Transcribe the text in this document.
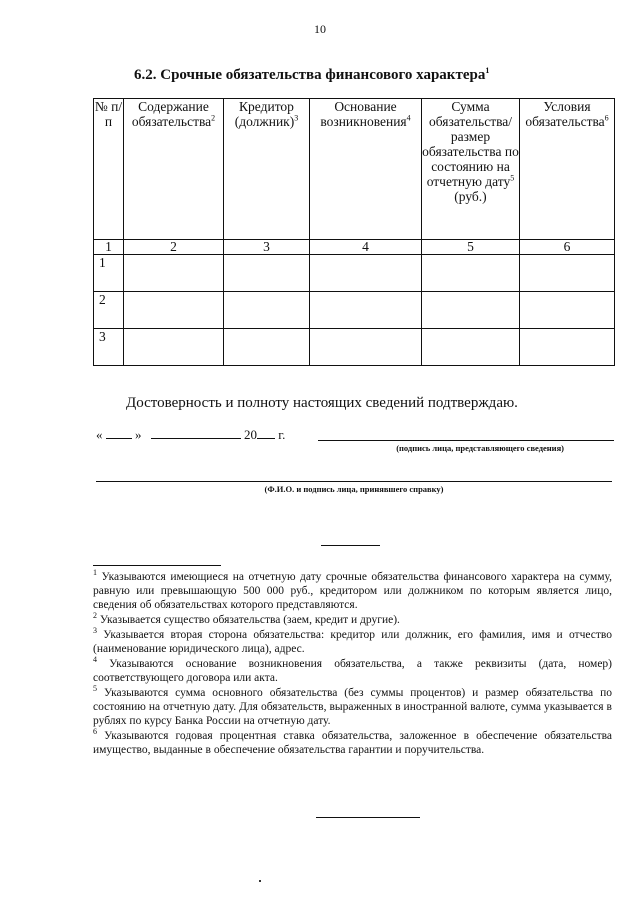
10
6.2. Срочные обязательства финансового характера$^1$
№ п/п	Содержание обязательства$^2$	Кредитор (должник)$^3$	Основание возникновения$^4$	Сумма обязательства/ размер обязательства по состоянию на отчетную дату$^5$ (руб.)	Условия обязательства$^6$
1	2	3	4	5	6
1					
2					
3					
Достоверность и полноту настоящих сведений подтверждаю.
«	»	20 г.
(подпись лица, представляющего сведения)
(Ф.И.О. и подпись лица, принявшего справку)

$^1$ Указываются имеющиеся на отчетную дату срочные обязательства финансового характера на сумму, равную или превышающую 500 000 руб., кредитором или должником по которым является лицо, сведения об обязательствах которого представляются.

$^2$ Указывается существо обязательства (заем, кредит и другие).

$^3$ Указывается вторая сторона обязательства: кредитор или должник, его фамилия, имя и отчество (наименование юридического лица), адрес.

$^4$ Указываются основание возникновения обязательства, а также реквизиты (дата, номер) соответствующего договора или акта.

$^5$ Указываются сумма основного обязательства (без суммы процентов) и размер обязательства по состоянию на отчетную дату. Для обязательств, выраженных в иностранной валюте, сумма указывается в рублях по курсу Банка России на отчетную дату.

$^6$ Указываются годовая процентная ставка обязательства, заложенное в обеспечение обязательства имущество, выданные в обеспечение обязательства гарантии и поручительства.
